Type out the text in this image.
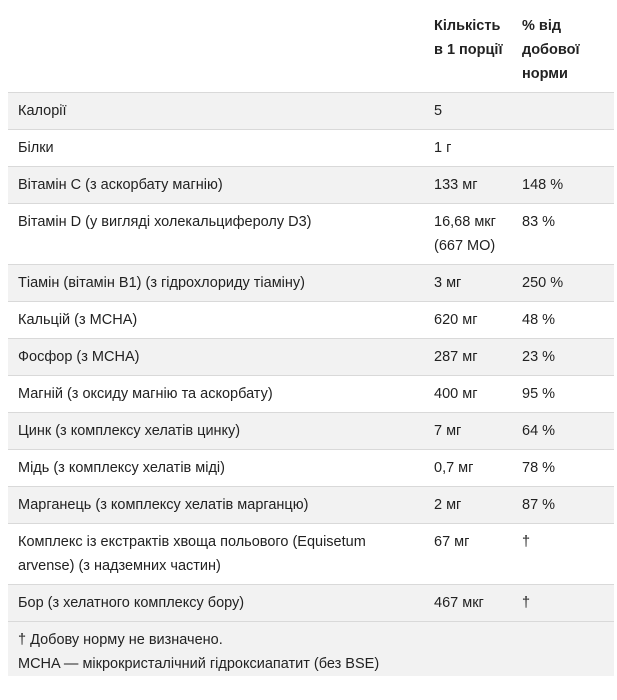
	Кількість в 1 порції	% від добової норми
Калорії	5	
Білки	1 г	
Вітамін С (з аскорбату магнію)	133 мг	148 %
Вітамін D (у вигляді холекальциферолу D3)	16,68 мкг (667 МО)	83 %
Тіамін (вітамін B1) (з гідрохлориду тіаміну)	3 мг	250 %
Кальцій (з MCHA)	620 мг	48 %
Фосфор (з MCHA)	287 мг	23 %
Магній (з оксиду магнію та аскорбату)	400 мг	95 %
Цинк (з комплексу хелатів цинку)	7 мг	64 %
Мідь (з комплексу хелатів міді)	0,7 мг	78 %
Марганець (з комплексу хелатів марганцю)	2 мг	87 %
Комплекс із екстрактів хвоща польового (Equisetum arvense) (з надземних частин)	67 мг	†
Бор (з хелатного комплексу бору)	467 мкг	†
† Добову норму не визначено.
MCHA — мікрокристалічний гідроксиапатит (без BSE)
